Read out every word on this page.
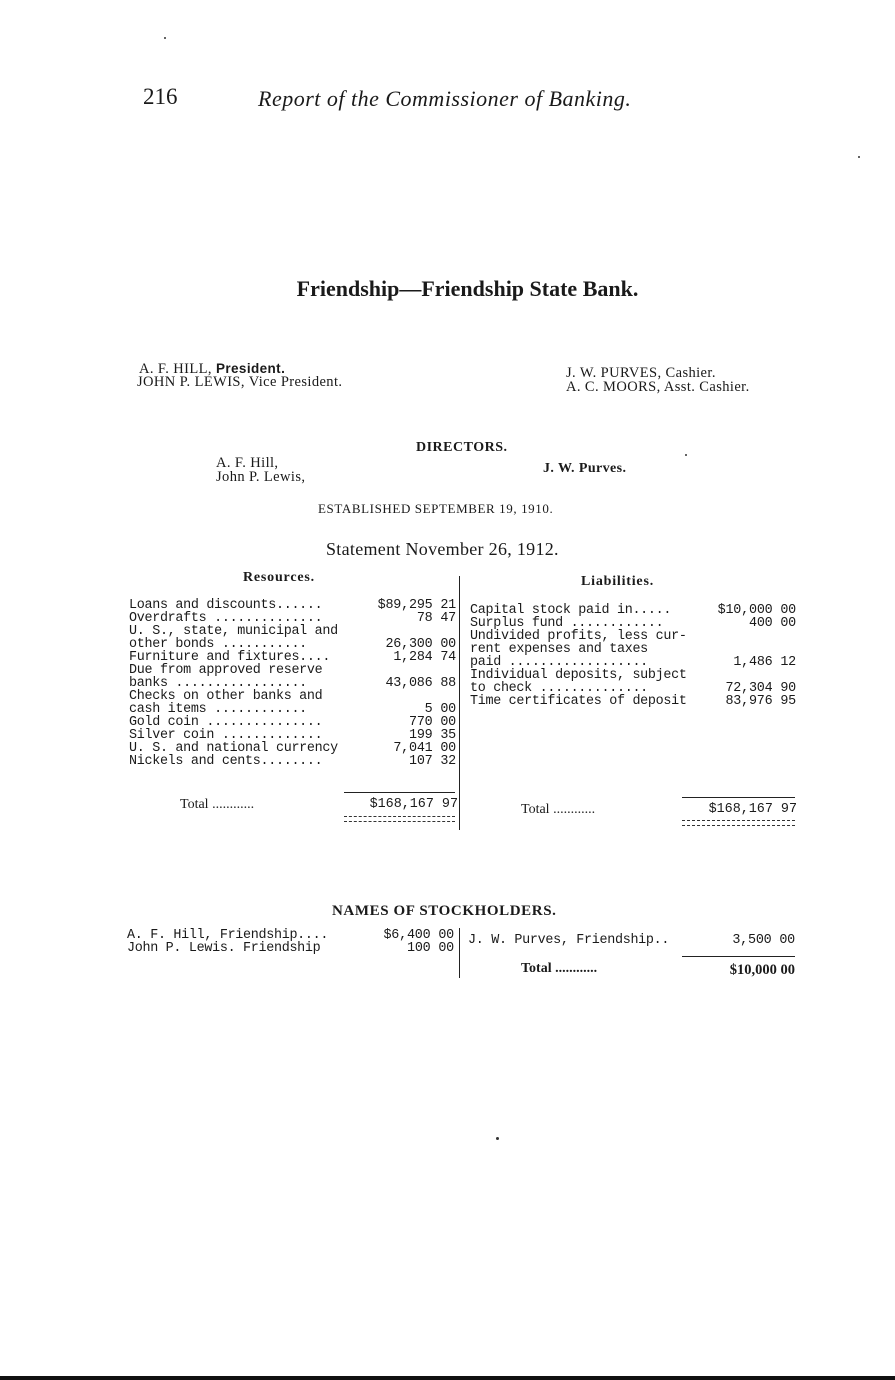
216	Report of the Commissioner of Banking.
Friendship—Friendship State Bank.
A. F. HILL, President.
JOHN P. LEWIS, Vice President.
J. W. PURVES, Cashier.
A. C. MOORS, Asst. Cashier.
DIRECTORS.
A. F. Hill,
John P. Lewis,
J. W. Purves.
ESTABLISHED SEPTEMBER 19, 1910.
Statement November 26, 1912.
Resources.	Liabilities.
Loans and discounts......	$89,295 21
Overdrafts ..............	78 47
U. S., state, municipal and
other bonds ...........	26,300 00
Furniture and fixtures....	1,284 74
Due from approved reserve
banks .................	43,086 88
Checks on other banks and
cash items ............	5 00
Gold coin ...............	770 00
Silver coin .............	199 35
U. S. and national currency	7,041 00
Nickels and cents........	107 32
Capital stock paid in.....	$10,000 00
Surplus fund ............	400 00
Undivided profits, less cur-
rent expenses and taxes
paid ..................	1,486 12
Individual deposits, subject
to check ..............	72,304 90
Time certificates of deposit	83,976 95
Total ............	$168,167 97	Total ............	$168,167 97
NAMES OF STOCKHOLDERS.
A. F. Hill, Friendship....	$6,400 00
John P. Lewis. Friendship	100 00
J. W. Purves, Friendship..	3,500 00
Total ............	$10,000 00
